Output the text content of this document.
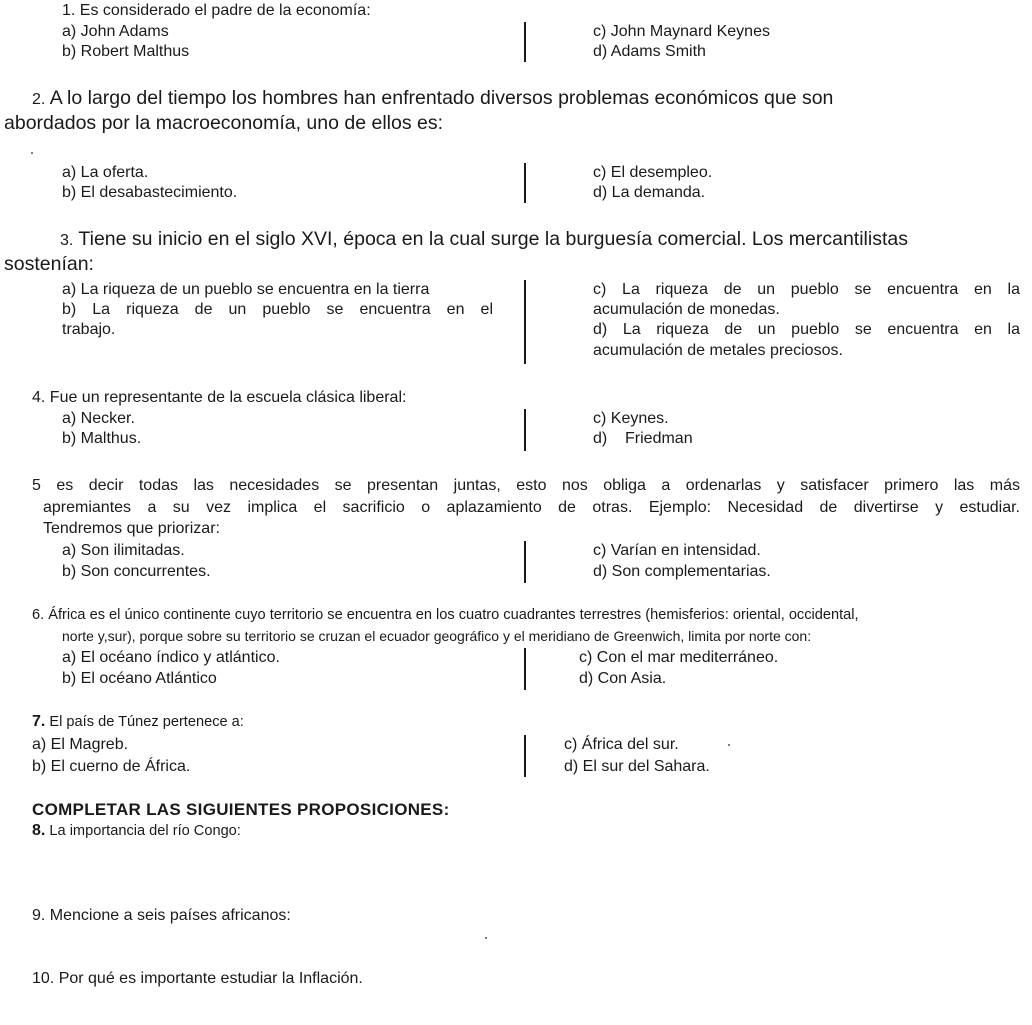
1. Es considerado el padre de la economía:
a) John Adams
b) Robert Malthus
c) John Maynard Keynes
d) Adams Smith
2. A lo largo del tiempo los hombres han enfrentado diversos problemas económicos que son
abordados por la macroeconomía, uno de ellos es:
a) La oferta.
b) El desabastecimiento.
c) El desempleo.
d) La demanda.
3. Tiene su inicio en el siglo XVI, época en la cual surge la burguesía comercial. Los mercantilistas
sostenían:
a) La riqueza de un pueblo se encuentra en la tierra
b) La riqueza de un pueblo se encuentra en el
trabajo.
c) La riqueza de un pueblo se encuentra en la
acumulación de monedas.
d) La riqueza de un pueblo se encuentra en la
acumulación de metales preciosos.
4. Fue un representante de la escuela clásica liberal:
a) Necker.
b) Malthus.
c) Keynes.
d)    Friedman
5 es decir todas las necesidades se presentan juntas, esto nos obliga a ordenarlas y satisfacer primero las más
apremiantes a su vez implica el sacrificio o aplazamiento de otras. Ejemplo: Necesidad de divertirse y estudiar.
Tendremos que priorizar:
a) Son ilimitadas.
b) Son concurrentes.
c) Varían en intensidad.
d) Son complementarias.
6. África es el único continente cuyo territorio se encuentra en los cuatro cuadrantes terrestres (hemisferios: oriental, occidental,
norte y,sur), porque sobre su territorio se cruzan el ecuador geográfico y el meridiano de Greenwich, limita por norte con:
a) El océano índico y atlántico.
b) El océano Atlántico
c) Con el mar mediterráneo.
d) Con Asia.
7. El país de Túnez pertenece a:
a) El Magreb.
b) El cuerno de África.
c) África del sur.
d) El sur del Sahara.
COMPLETAR LAS SIGUIENTES PROPOSICIONES:
8. La importancia del río Congo:
9. Mencione a seis países africanos:
10. Por qué es importante estudiar la Inflación.
